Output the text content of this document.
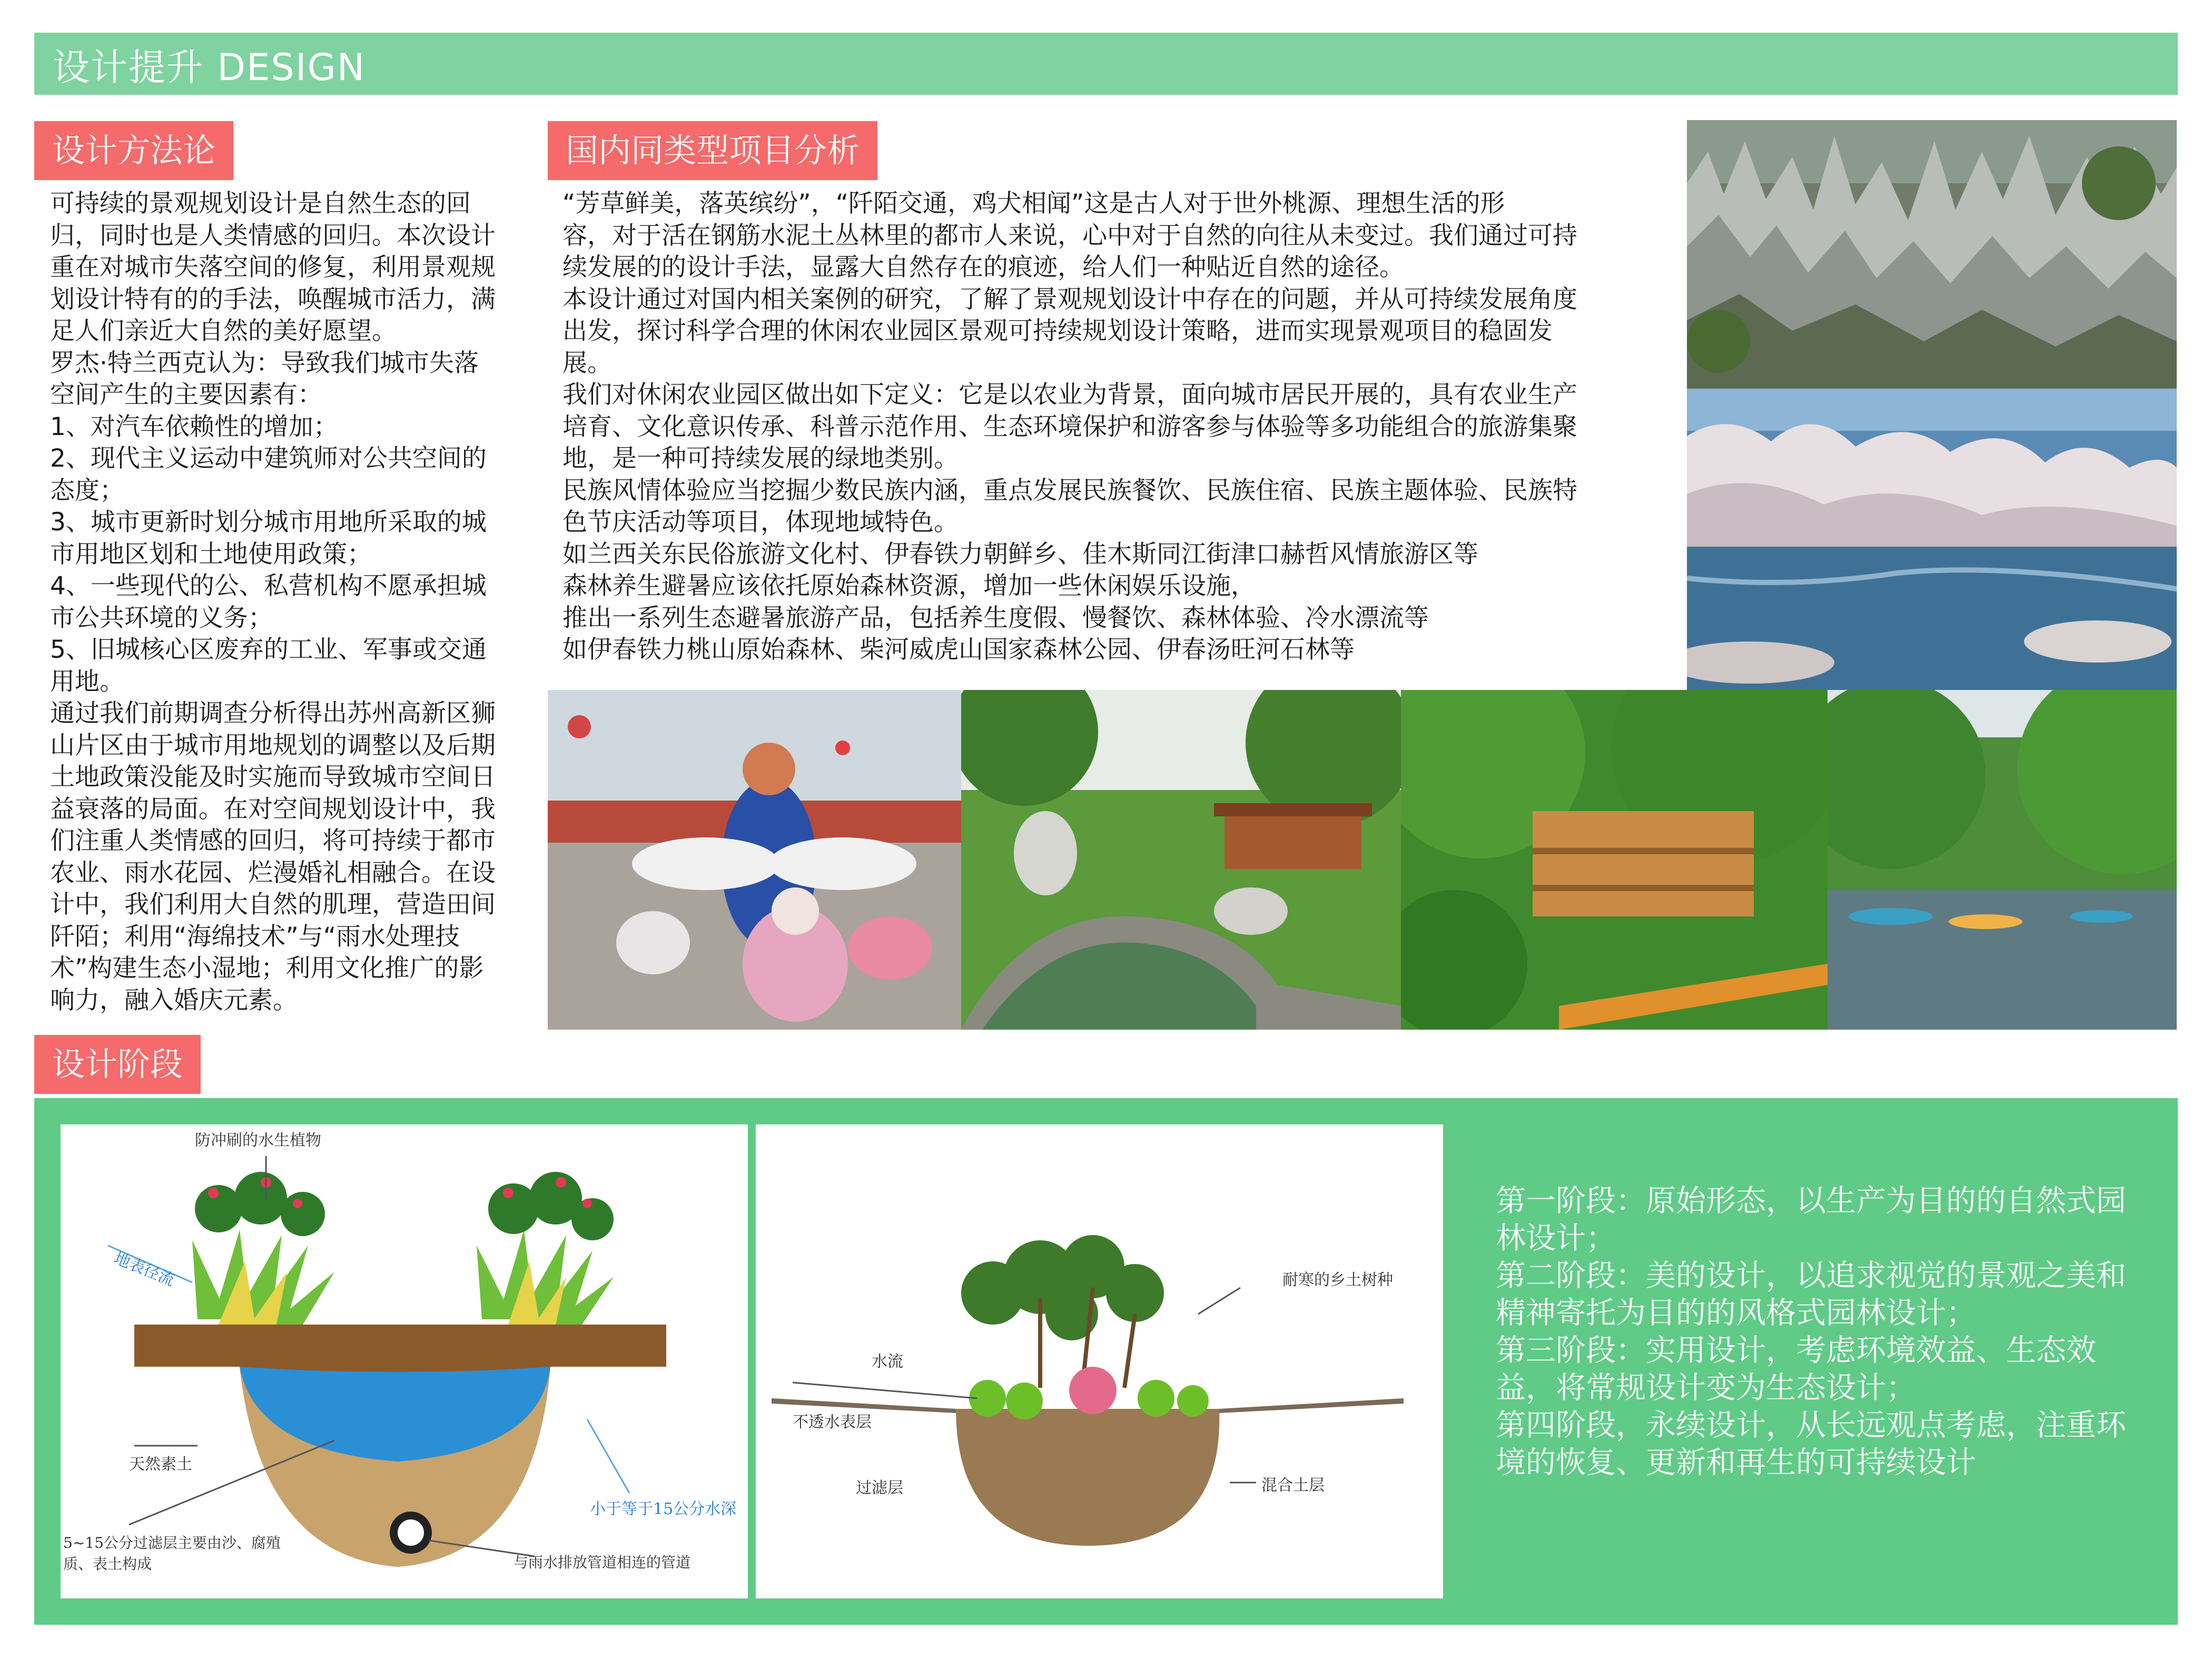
设计提升 DESIGN
设计方法论	国内同类型项目分析
设计阶段
可持续的景观规划设计是自然生态的回
归，同时也是人类情感的回归。本次设计
重在对城市失落空间的修复，利用景观规
划设计特有的的手法，唤醒城市活力，满
足人们亲近大自然的美好愿望。
罗杰·特兰西克认为：导致我们城市失落
空间产生的主要因素有：
1、对汽车依赖性的增加；
2、现代主义运动中建筑师对公共空间的
态度；
3、城市更新时划分城市用地所采取的城
市用地区划和土地使用政策；
4、一些现代的公、私营机构不愿承担城
市公共环境的义务；
5、旧城核心区废弃的工业、军事或交通
用地。
通过我们前期调查分析得出苏州高新区狮
山片区由于城市用地规划的调整以及后期
土地政策没能及时实施而导致城市空间日
益衰落的局面。在对空间规划设计中，我
们注重人类情感的回归，将可持续于都市
农业、雨水花园、烂漫婚礼相融合。在设
计中，我们利用大自然的肌理，营造田间
阡陌；利用“海绵技术”与“雨水处理技
术”构建生态小湿地；利用文化推广的影
响力，融入婚庆元素。
“芳草鲜美，落英缤纷”，“阡陌交通，鸡犬相闻”这是古人对于世外桃源、理想生活的形
容，对于活在钢筋水泥土丛林里的都市人来说，心中对于自然的向往从未变过。我们通过可持
续发展的的设计手法，显露大自然存在的痕迹，给人们一种贴近自然的途径。
本设计通过对国内相关案例的研究，了解了景观规划设计中存在的问题，并从可持续发展角度
出发，探讨科学合理的休闲农业园区景观可持续规划设计策略，进而实现景观项目的稳固发
展。
我们对休闲农业园区做出如下定义：它是以农业为背景，面向城市居民开展的，具有农业生产
培育、文化意识传承、科普示范作用、生态环境保护和游客参与体验等多功能组合的旅游集聚
地，是一种可持续发展的绿地类别。
民族风情体验应当挖掘少数民族内涵，重点发展民族餐饮、民族住宿、民族主题体验、民族特
色节庆活动等项目，体现地域特色。
如兰西关东民俗旅游文化村、伊春铁力朝鲜乡、佳木斯同江街津口赫哲风情旅游区等
森林养生避暑应该依托原始森林资源，增加一些休闲娱乐设施，
推出一系列生态避暑旅游产品，包括养生度假、慢餐饮、森林体验、冷水漂流等
如伊春铁力桃山原始森林、柴河威虎山国家森林公园、伊春汤旺河石林等
防冲刷的水生植物
地表径流
天然素土
小于等于15公分水深
5~15公分过滤层主要由沙、腐殖质、表土构成	与雨水排放管道相连的管道
耐寒的乡土树种
水流
不透水表层
过滤层	混合土层

第一阶段：原始形态，以生产为目的的自然式园林设计；

第二阶段：美的设计，以追求视觉的景观之美和精神寄托为目的的风格式园林设计；

第三阶段：实用设计，考虑环境效益、生态效益，将常规设计变为生态设计；

第四阶段，永续设计，从长远观点考虑，注重环境的恢复、更新和再生的可持续设计
